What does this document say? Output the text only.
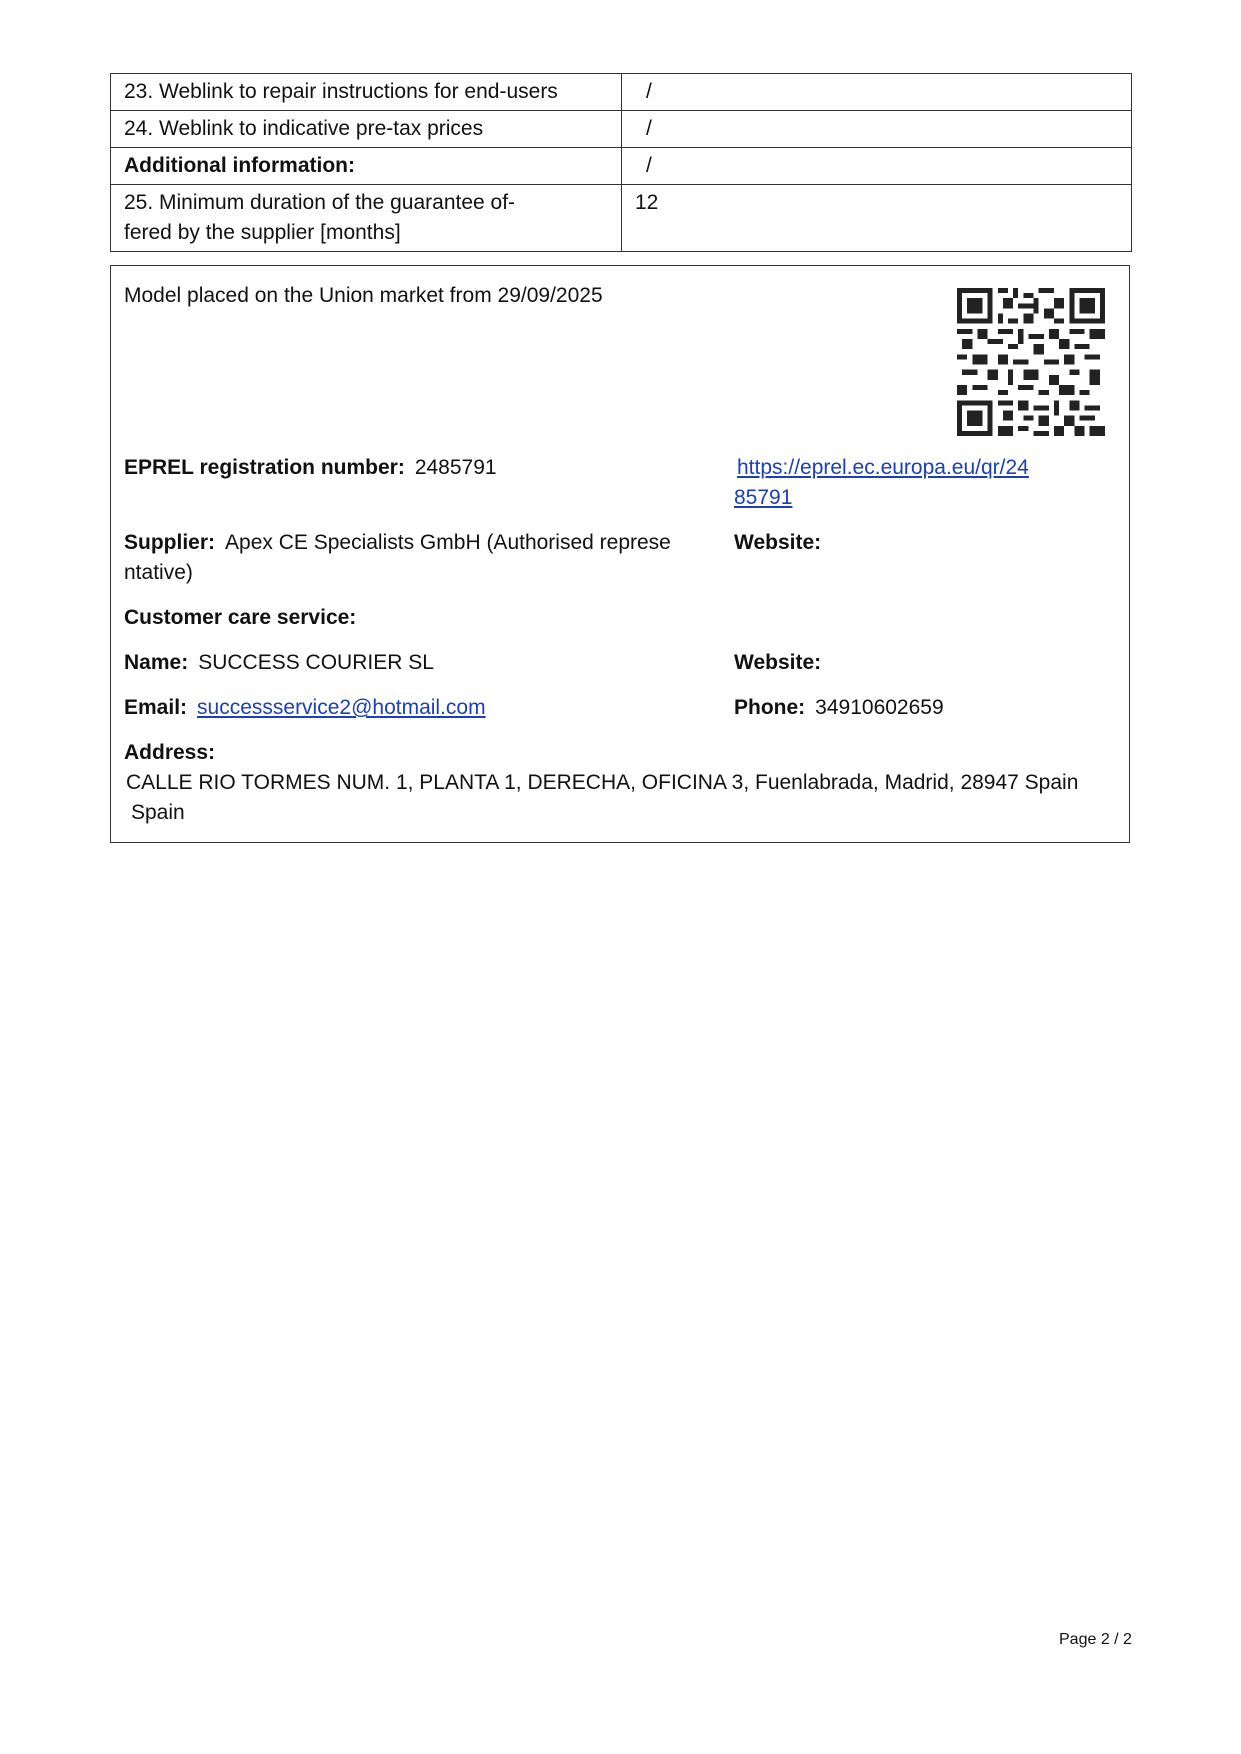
23. Weblink to repair instructions for end-users	/
24. Weblink to indicative pre-tax prices	/
Additional information:	/

25. Minimum duration of the guarantee of-
fered by the supplier [months]	12
Model placed on the Union market from 29/09/2025
EPREL registration number: 2485791	https://eprel.ec.europa.eu/qr/24
85791
Supplier: Apex CE Specialists GmbH (Authorised represe
ntative)
Website:
Customer care service:
Name: SUCCESS COURIER SL	Website:
Email: successservice2@hotmail.com	Phone: 34910602659
Address:
CALLE RIO TORMES NUM. 1, PLANTA 1, DERECHA, OFICINA 3, Fuenlabrada, Madrid, 28947 Spain
Spain
Page 2 / 2
